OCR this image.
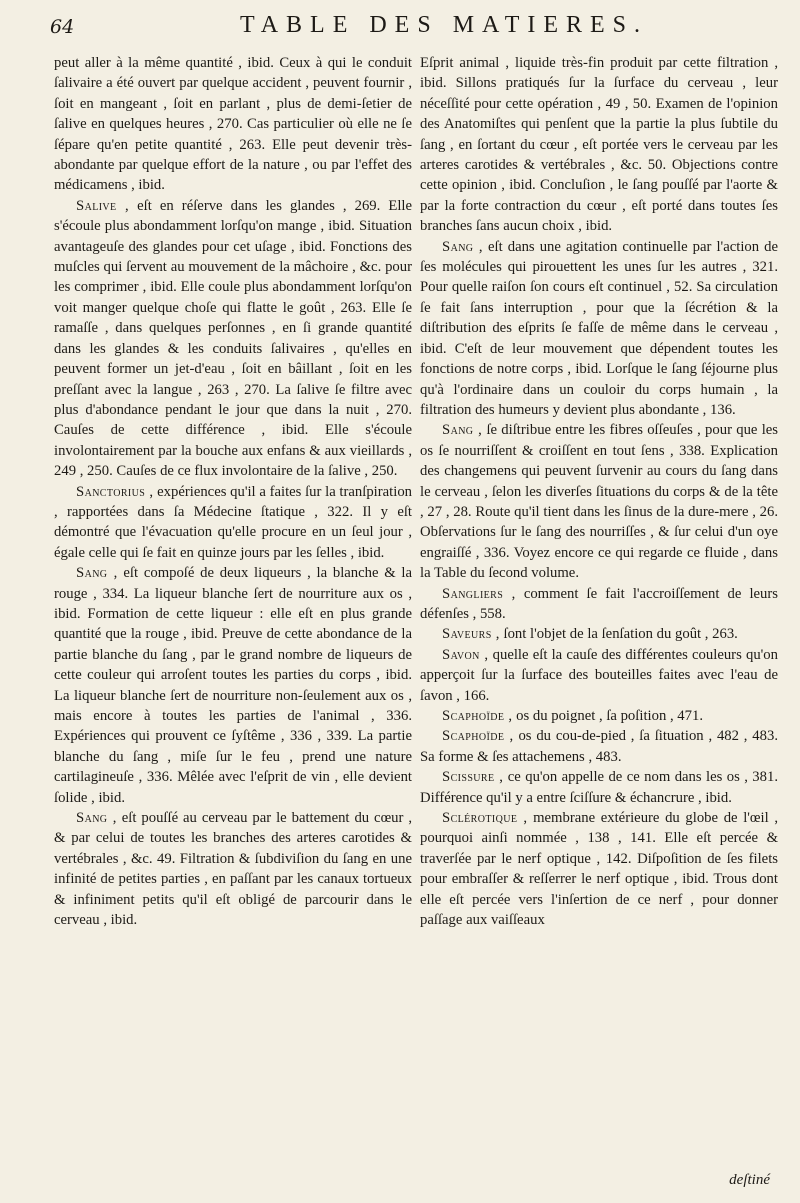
64	TABLE DES MATIERES.

peut aller à la même quantité , ibid. Ceux à qui le conduit ſalivaire a été ouvert par quelque accident , peuvent fournir , ſoit en mangeant , ſoit en parlant , plus de demi-ſetier de ſalive en quelques heures , 270. Cas particulier où elle ne ſe ſépare qu'en petite quantité , 263. Elle peut devenir très-abondante par quelque effort de la nature , ou par l'effet des médicamens , ibid.

Salive , eſt en réſerve dans les glandes , 269. Elle s'écoule plus abondamment lorſqu'on mange , ibid. Situation avantageuſe des glandes pour cet uſage , ibid. Fonctions des muſcles qui ſervent au mouvement de la mâchoire , &c. pour les comprimer , ibid. Elle coule plus abondamment lorſqu'on voit manger quelque choſe qui flatte le goût , 263. Elle ſe ramaſſe , dans quelques perſonnes , en ſi grande quantité dans les glandes & les conduits ſalivaires , qu'elles en peuvent former un jet-d'eau , ſoit en bâillant , ſoit en les preſſant avec la langue , 263 , 270. La ſalive ſe filtre avec plus d'abondance pendant le jour que dans la nuit , 270. Cauſes de cette différence , ibid. Elle s'écoule involontairement par la bouche aux enfans & aux vieillards , 249 , 250. Cauſes de ce flux involontaire de la ſalive , 250.

Sanctorius , expériences qu'il a faites ſur la tranſpiration , rapportées dans ſa Médecine ſtatique , 322. Il y eſt démontré que l'évacuation qu'elle procure en un ſeul jour , égale celle qui ſe fait en quinze jours par les ſelles , ibid.

Sang , eſt compoſé de deux liqueurs , la blanche & la rouge , 334. La liqueur blanche ſert de nourriture aux os , ibid. Formation de cette liqueur : elle eſt en plus grande quantité que la rouge , ibid. Preuve de cette abondance de la partie blanche du ſang , par le grand nombre de liqueurs de cette couleur qui arroſent toutes les parties du corps , ibid. La liqueur blanche ſert de nourriture non-ſeulement aux os , mais encore à toutes les parties de l'animal , 336. Expériences qui prouvent ce ſyſtême , 336 , 339. La partie blanche du ſang , miſe ſur le feu , prend une nature cartilagineuſe , 336. Mêlée avec l'eſprit de vin , elle devient ſolide , ibid.

Sang , eſt pouſſé au cerveau par le battement du cœur , & par celui de toutes les branches des arteres carotides & vertébrales , &c. 49. Filtration & ſubdiviſion du ſang en une infinité de petites parties , en paſſant par les canaux tortueux & infiniment petits qu'il eſt obligé de parcourir dans le cerveau , ibid.

Eſprit animal , liquide très-fin produit par cette filtration , ibid. Sillons pratiqués ſur la ſurface du cerveau , leur néceſſité pour cette opération , 49 , 50. Examen de l'opinion des Anatomiſtes qui penſent que la partie la plus ſubtile du ſang , en ſortant du cœur , eſt portée vers le cerveau par les arteres carotides & vertébrales , &c. 50. Objections contre cette opinion , ibid. Concluſion , le ſang pouſſé par l'aorte & par la forte contraction du cœur , eſt porté dans toutes ſes branches ſans aucun choix , ibid.

Sang , eſt dans une agitation continuelle par l'action de ſes molécules qui pirouettent les unes ſur les autres , 321. Pour quelle raiſon ſon cours eſt continuel , 52. Sa circulation ſe fait ſans interruption , pour que la ſécrétion & la diſtribution des eſprits ſe faſſe de même dans le cerveau , ibid. C'eſt de leur mouvement que dépendent toutes les fonctions de notre corps , ibid. Lorſque le ſang ſéjourne plus qu'à l'ordinaire dans un couloir du corps humain , la filtration des humeurs y devient plus abondante , 136.

Sang , ſe diſtribue entre les fibres oſſeuſes , pour que les os ſe nourriſſent & croiſſent en tout ſens , 338. Explication des changemens qui peuvent ſurvenir au cours du ſang dans le cerveau , ſelon les diverſes ſituations du corps & de la tête , 27 , 28. Route qu'il tient dans les ſinus de la dure-mere , 26. Obſervations ſur le ſang des nourriſſes , & ſur celui d'un oye engraiſſé , 336. Voyez encore ce qui regarde ce fluide , dans la Table du ſecond volume.

Sangliers , comment ſe fait l'accroiſſement de leurs défenſes , 558.

Saveurs , ſont l'objet de la ſenſation du goût , 263.

Savon , quelle eſt la cauſe des différentes couleurs qu'on apperçoit ſur la ſurface des bouteilles faites avec l'eau de ſavon , 166.

Scaphoïde , os du poignet , ſa poſition , 471.

Scaphoïde , os du cou-de-pied , ſa ſituation , 482 , 483. Sa forme & ſes attachemens , 483.

Sciſſure , ce qu'on appelle de ce nom dans les os , 381. Différence qu'il y a entre ſciſſure & échancrure , ibid.

Sclérotique , membrane extérieure du globe de l'œil , pourquoi ainſi nommée , 138 , 141. Elle eſt percée & traverſée par le nerf optique , 142. Diſpoſition de ſes filets pour embraſſer & reſſerrer le nerf optique , ibid. Trous dont elle eſt percée vers l'inſertion de ce nerf , pour donner paſſage aux vaiſſeaux

deſtiné
